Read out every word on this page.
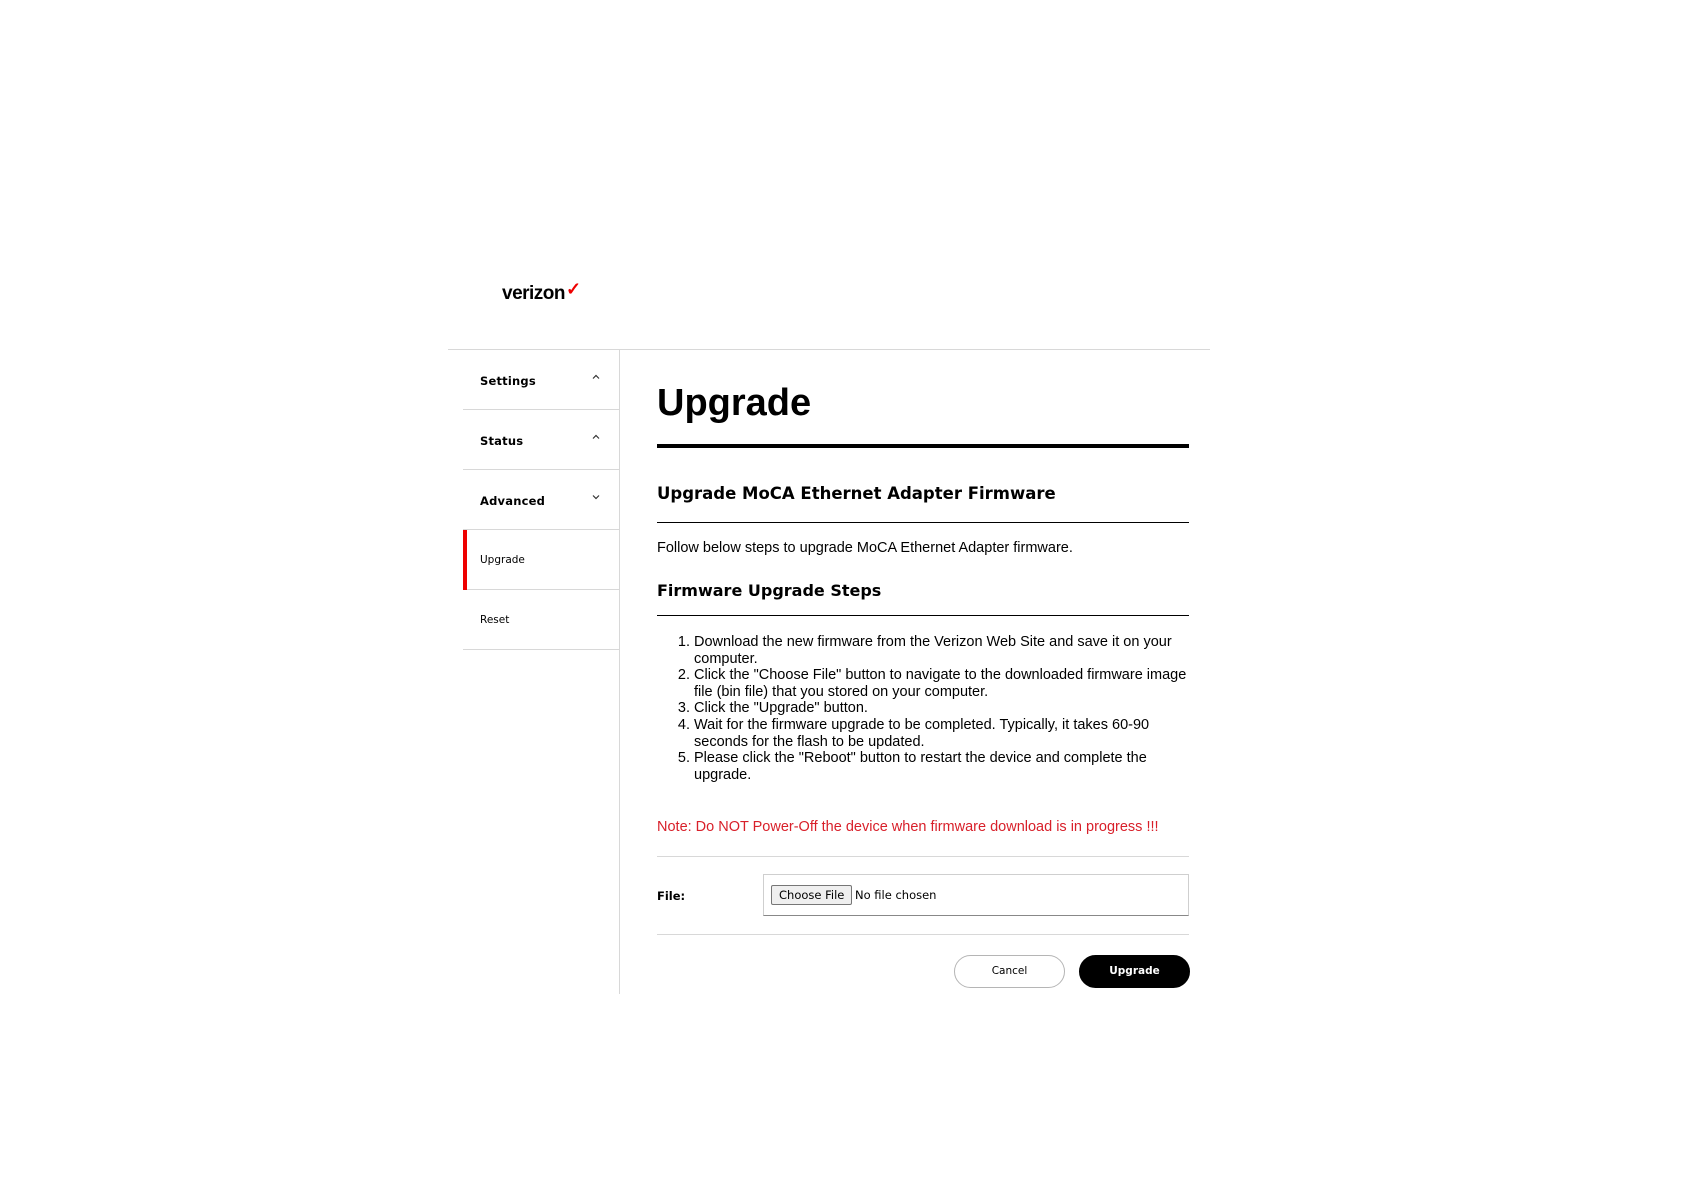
verizon✓
Settings
Status
Advanced
Upgrade
Reset
Upgrade
Upgrade MoCA Ethernet Adapter Firmware
Follow below steps to upgrade MoCA Ethernet Adapter firmware.
Firmware Upgrade Steps
1. Download the new firmware from the Verizon Web Site and save it on your computer.
2. Click the "Choose File" button to navigate to the downloaded firmware image file (bin file) that you stored on your computer.
3. Click the "Upgrade" button.
4. Wait for the firmware upgrade to be completed. Typically, it takes 60-90 seconds for the flash to be updated.
5. Please click the "Reboot" button to restart the device and complete the upgrade.
Note: Do NOT Power-Off the device when firmware download is in progress !!!
File:	Choose File No file chosen
Cancel	Upgrade
